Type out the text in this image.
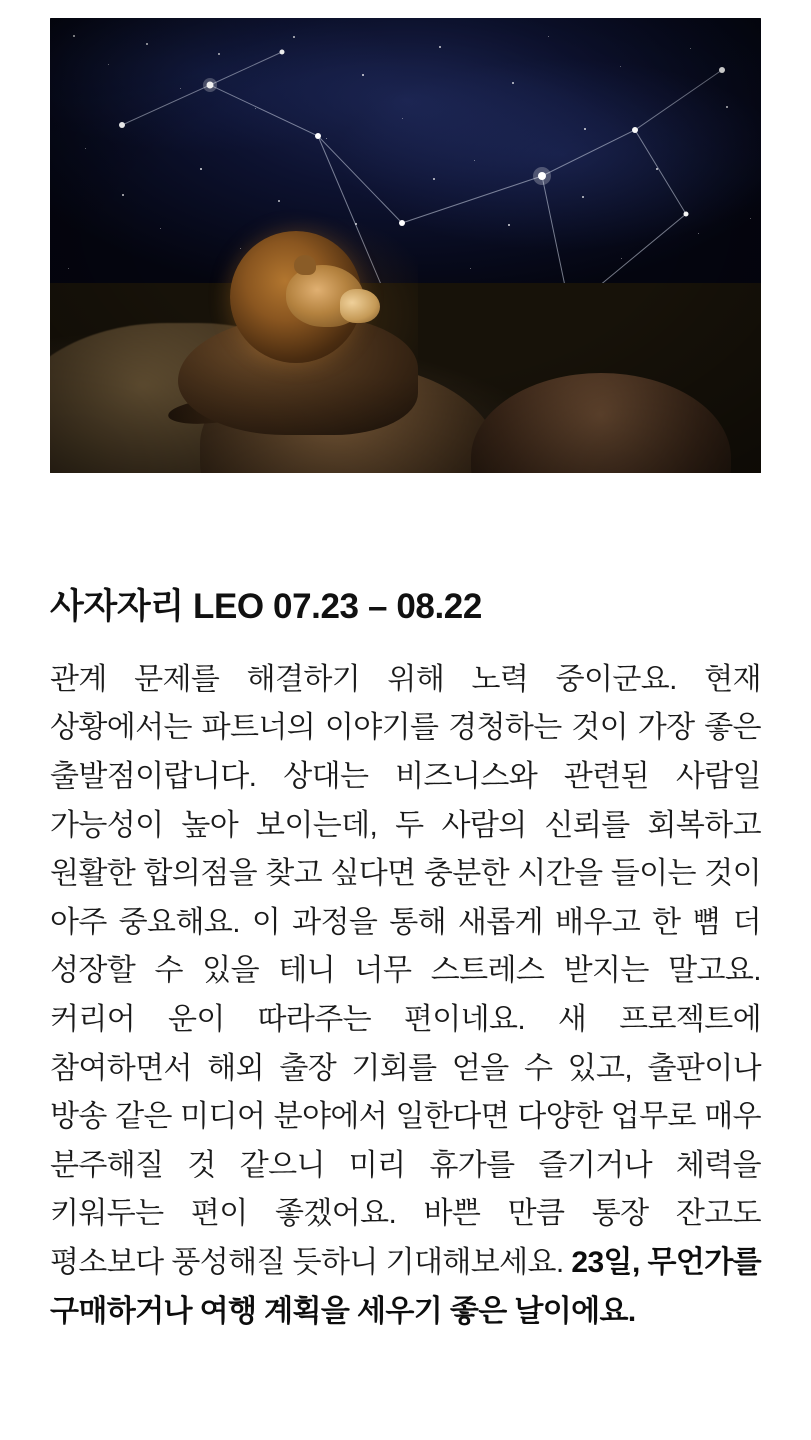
사자자리 LEO 07.23 – 08.22

관계 문제를 해결하기 위해 노력 중이군요. 현재 상황에서는 파트너의 이야기를 경청하는 것이 가장 좋은 출발점이랍니다. 상대는 비즈니스와 관련된 사람일 가능성이 높아 보이는데, 두 사람의 신뢰를 회복하고 원활한 합의점을 찾고 싶다면 충분한 시간을 들이는 것이 아주 중요해요. 이 과정을 통해 새롭게 배우고 한 뼘 더 성장할 수 있을 테니 너무 스트레스 받지는 말고요. 커리어 운이 따라주는 편이네요. 새 프로젝트에 참여하면서 해외 출장 기회를 얻을 수 있고, 출판이나 방송 같은 미디어 분야에서 일한다면 다양한 업무로 매우 분주해질 것 같으니 미리 휴가를 즐기거나 체력을 키워두는 편이 좋겠어요. 바쁜 만큼 통장 잔고도 평소보다 풍성해질 듯하니 기대해보세요. 23일, 무언가를 구매하거나 여행 계획을 세우기 좋은 날이에요.
